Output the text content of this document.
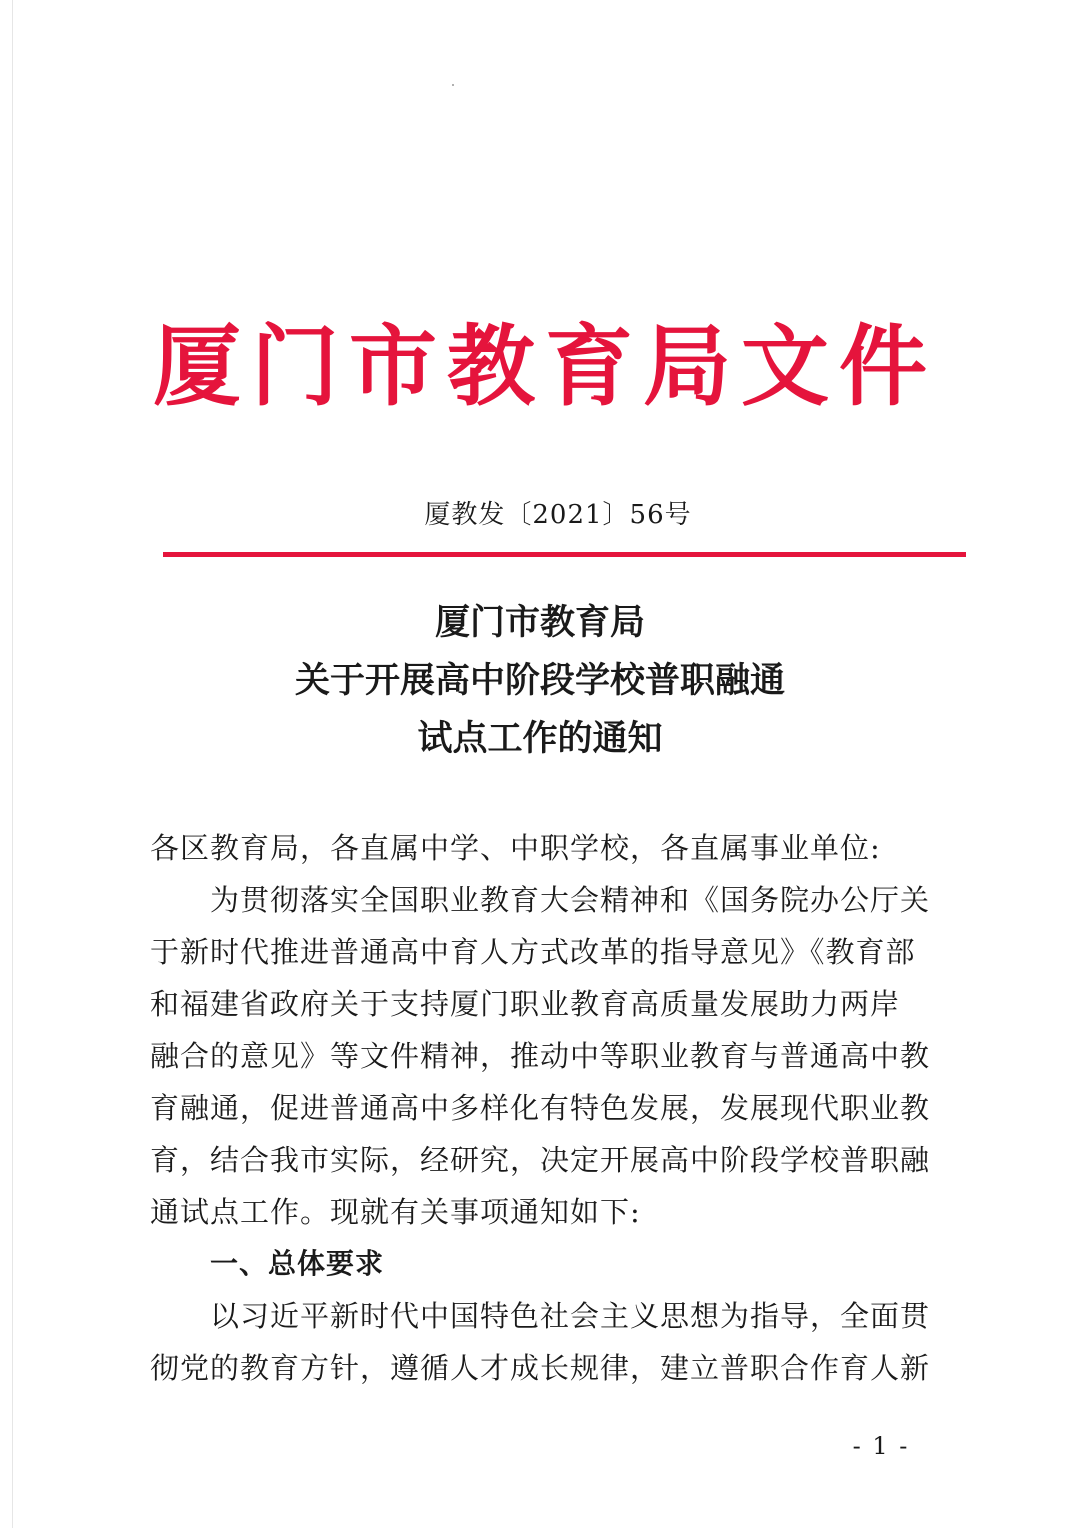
厦门市教育局文件
厦教发〔2021〕56号
厦门市教育局
关于开展高中阶段学校普职融通
试点工作的通知
各区教育局，各直属中学、中职学校，各直属事业单位:
为贯彻落实全国职业教育大会精神和《国务院办公厅关
于新时代推进普通高中育人方式改革的指导意见》《教育部
和福建省政府关于支持厦门职业教育高质量发展助力两岸
融合的意见》等文件精神，推动中等职业教育与普通高中教
育融通，促进普通高中多样化有特色发展，发展现代职业教
育，结合我市实际，经研究，决定开展高中阶段学校普职融
通试点工作。现就有关事项通知如下:
一、总体要求
以习近平新时代中国特色社会主义思想为指导，全面贯
彻党的教育方针，遵循人才成长规律，建立普职合作育人新
- 1 -
